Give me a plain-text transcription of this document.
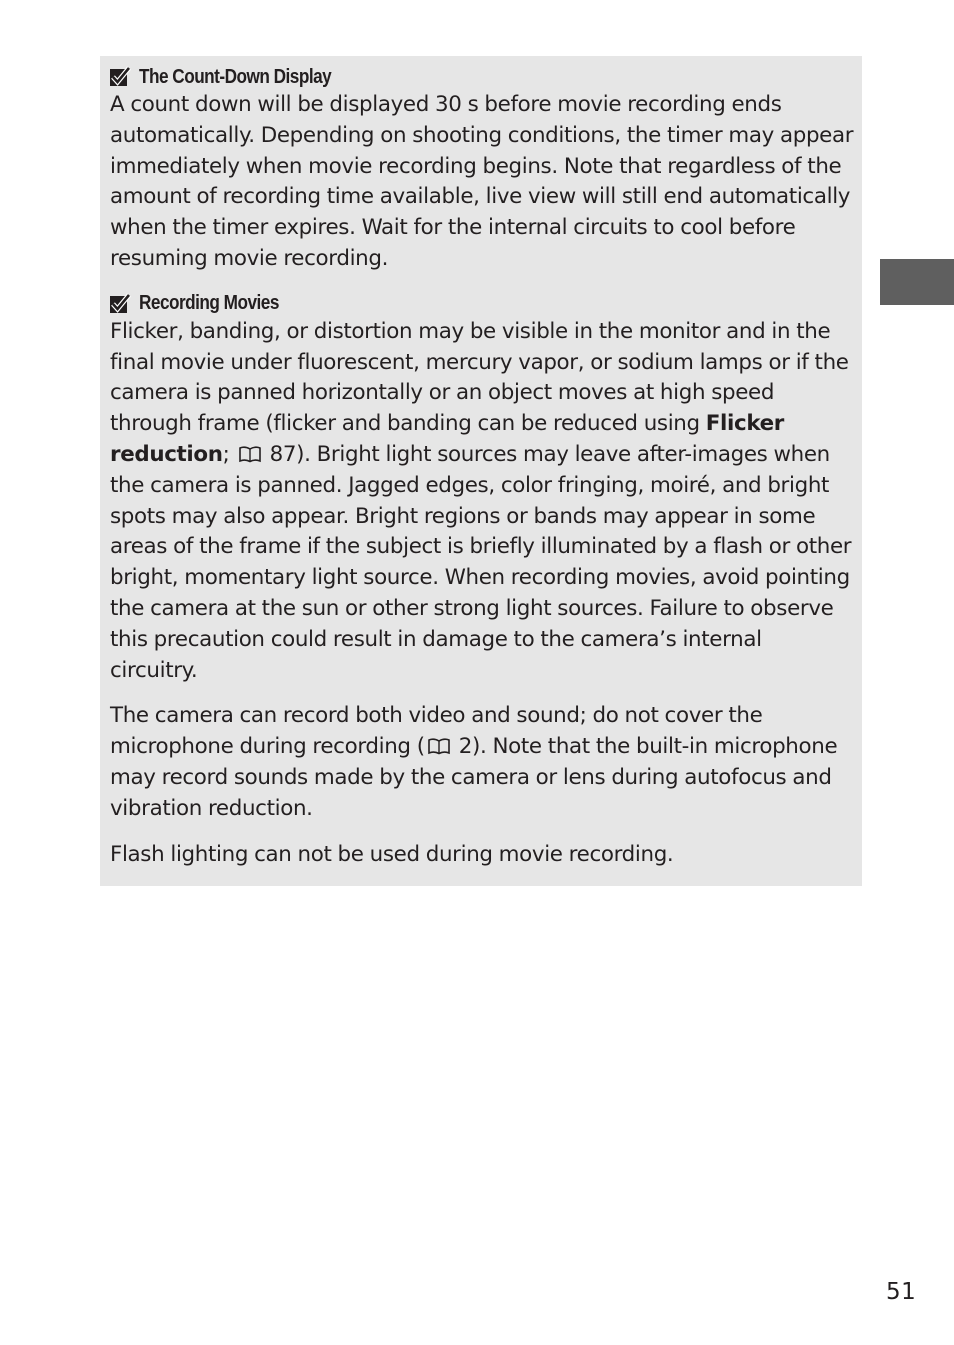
The Count-Down Display

A count down will be displayed 30 s before movie recording ends automatically. Depending on shooting conditions, the timer may appear immediately when movie recording begins. Note that regardless of the amount of recording time available, live view will still end automatically when the timer expires. Wait for the internal circuits to cool before resuming movie recording.

Recording Movies

Flicker, banding, or distortion may be visible in the monitor and in the final movie under fluorescent, mercury vapor, or sodium lamps or if the camera is panned horizontally or an object moves at high speed through frame (flicker and banding can be reduced using Flicker reduction;  87). Bright light sources may leave after-images when the camera is panned. Jagged edges, color fringing, moiré, and bright spots may also appear. Bright regions or bands may appear in some areas of the frame if the subject is briefly illuminated by a flash or other bright, momentary light source. When recording movies, avoid pointing the camera at the sun or other strong light sources. Failure to observe this precaution could result in damage to the camera’s internal circuitry.

The camera can record both video and sound; do not cover the microphone during recording ( 2). Note that the built-in microphone may record sounds made by the camera or lens during autofocus and vibration reduction.

Flash lighting can not be used during movie recording.

51
